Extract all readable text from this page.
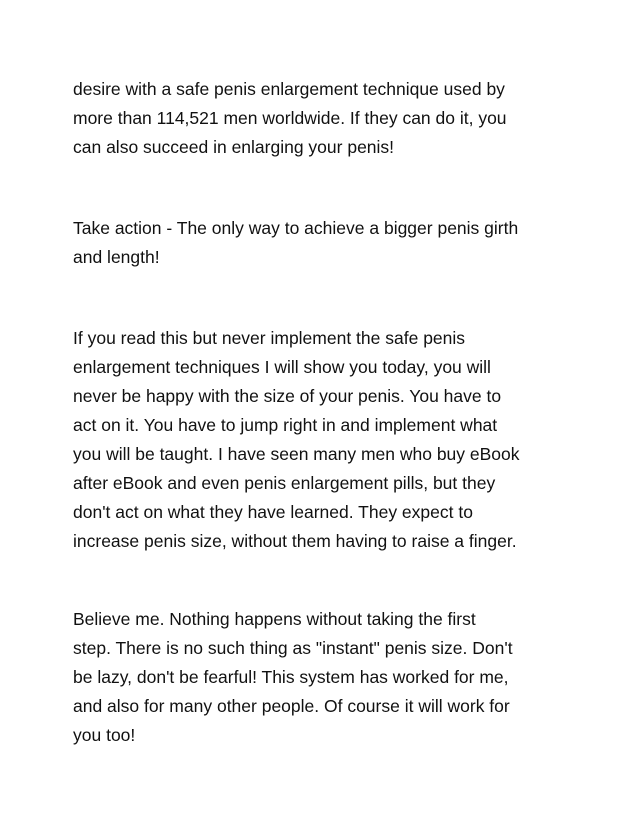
desire with a safe penis enlargement technique used by
more than 114,521 men worldwide. If they can do it, you
can also succeed in enlarging your penis!
Take action - The only way to achieve a bigger penis girth
and length!
If you read this but never implement the safe penis
enlargement techniques I will show you today, you will
never be happy with the size of your penis. You have to
act on it. You have to jump right in and implement what
you will be taught. I have seen many men who buy eBook
after eBook and even penis enlargement pills, but they
don't act on what they have learned. They expect to
increase penis size, without them having to raise a finger.
Believe me. Nothing happens without taking the first
step. There is no such thing as "instant" penis size. Don't
be lazy, don't be fearful! This system has worked for me,
and also for many other people. Of course it will work for
you too!
